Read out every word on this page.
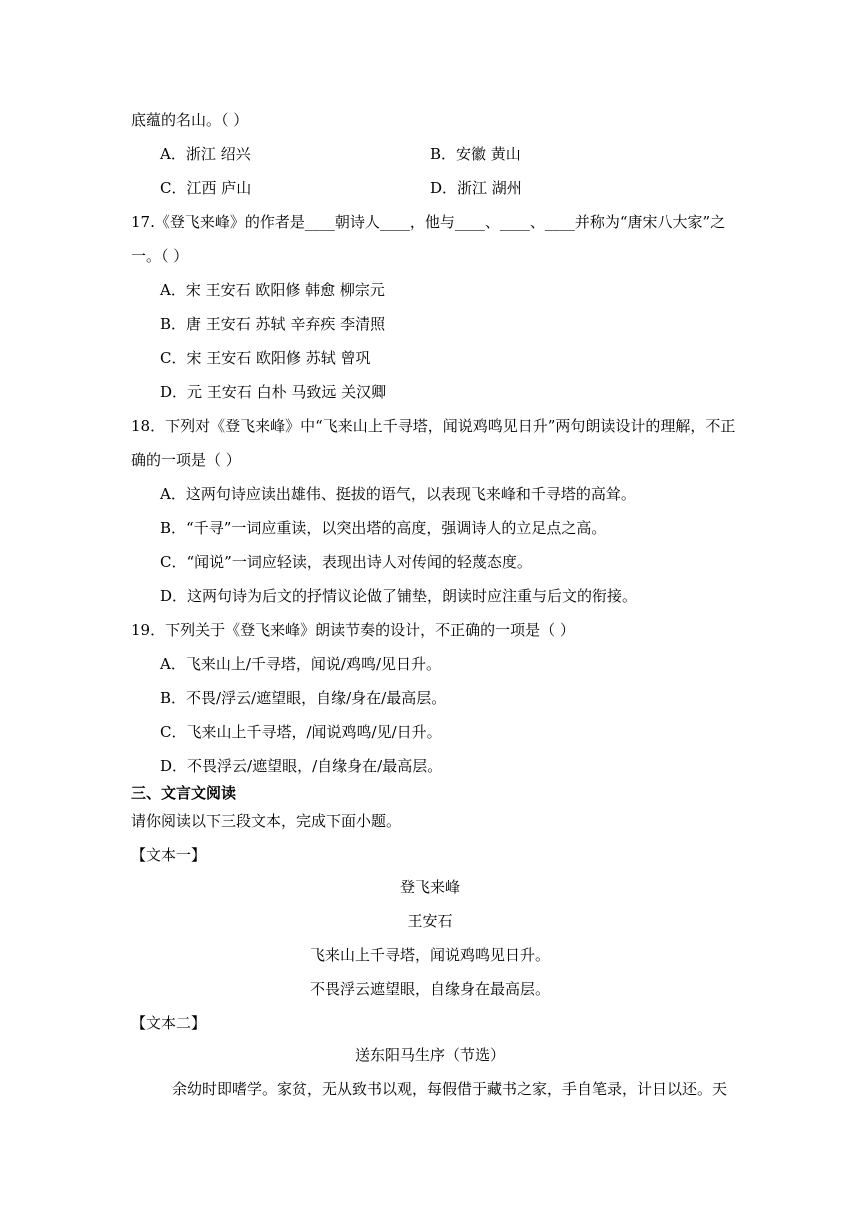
底蕴的名山。（ ）
A．浙江 绍兴	B．安徽 黄山
C．江西 庐山	D．浙江 湖州
17.《登飞来峰》的作者是____朝诗人____，他与____、____、____并称为“唐宋八大家”之
一。（ ）
A．宋 王安石 欧阳修 韩愈 柳宗元
B．唐 王安石 苏轼 辛弃疾 李清照
C．宋 王安石 欧阳修 苏轼 曾巩
D．元 王安石 白朴 马致远 关汉卿
18．下列对《登飞来峰》中“飞来山上千寻塔，闻说鸡鸣见日升”两句朗读设计的理解，不正
确的一项是（ ）
A．这两句诗应读出雄伟、挺拔的语气，以表现飞来峰和千寻塔的高耸。
B．“千寻”一词应重读，以突出塔的高度，强调诗人的立足点之高。
C．“闻说”一词应轻读，表现出诗人对传闻的轻蔑态度。
D．这两句诗为后文的抒情议论做了铺垫，朗读时应注重与后文的衔接。
19．下列关于《登飞来峰》朗读节奏的设计，不正确的一项是（ ）
A．飞来山上/千寻塔，闻说/鸡鸣/见日升。
B．不畏/浮云/遮望眼，自缘/身在/最高层。
C．飞来山上千寻塔，/闻说鸡鸣/见/日升。
D．不畏浮云/遮望眼，/自缘身在/最高层。
三、文言文阅读
请你阅读以下三段文本，完成下面小题。
【文本一】
登飞来峰
王安石
飞来山上千寻塔，闻说鸡鸣见日升。
不畏浮云遮望眼，自缘身在最高层。
【文本二】
送东阳马生序（节选）
余幼时即嗜学。家贫，无从致书以观，每假借于藏书之家，手自笔录，计日以还。天
